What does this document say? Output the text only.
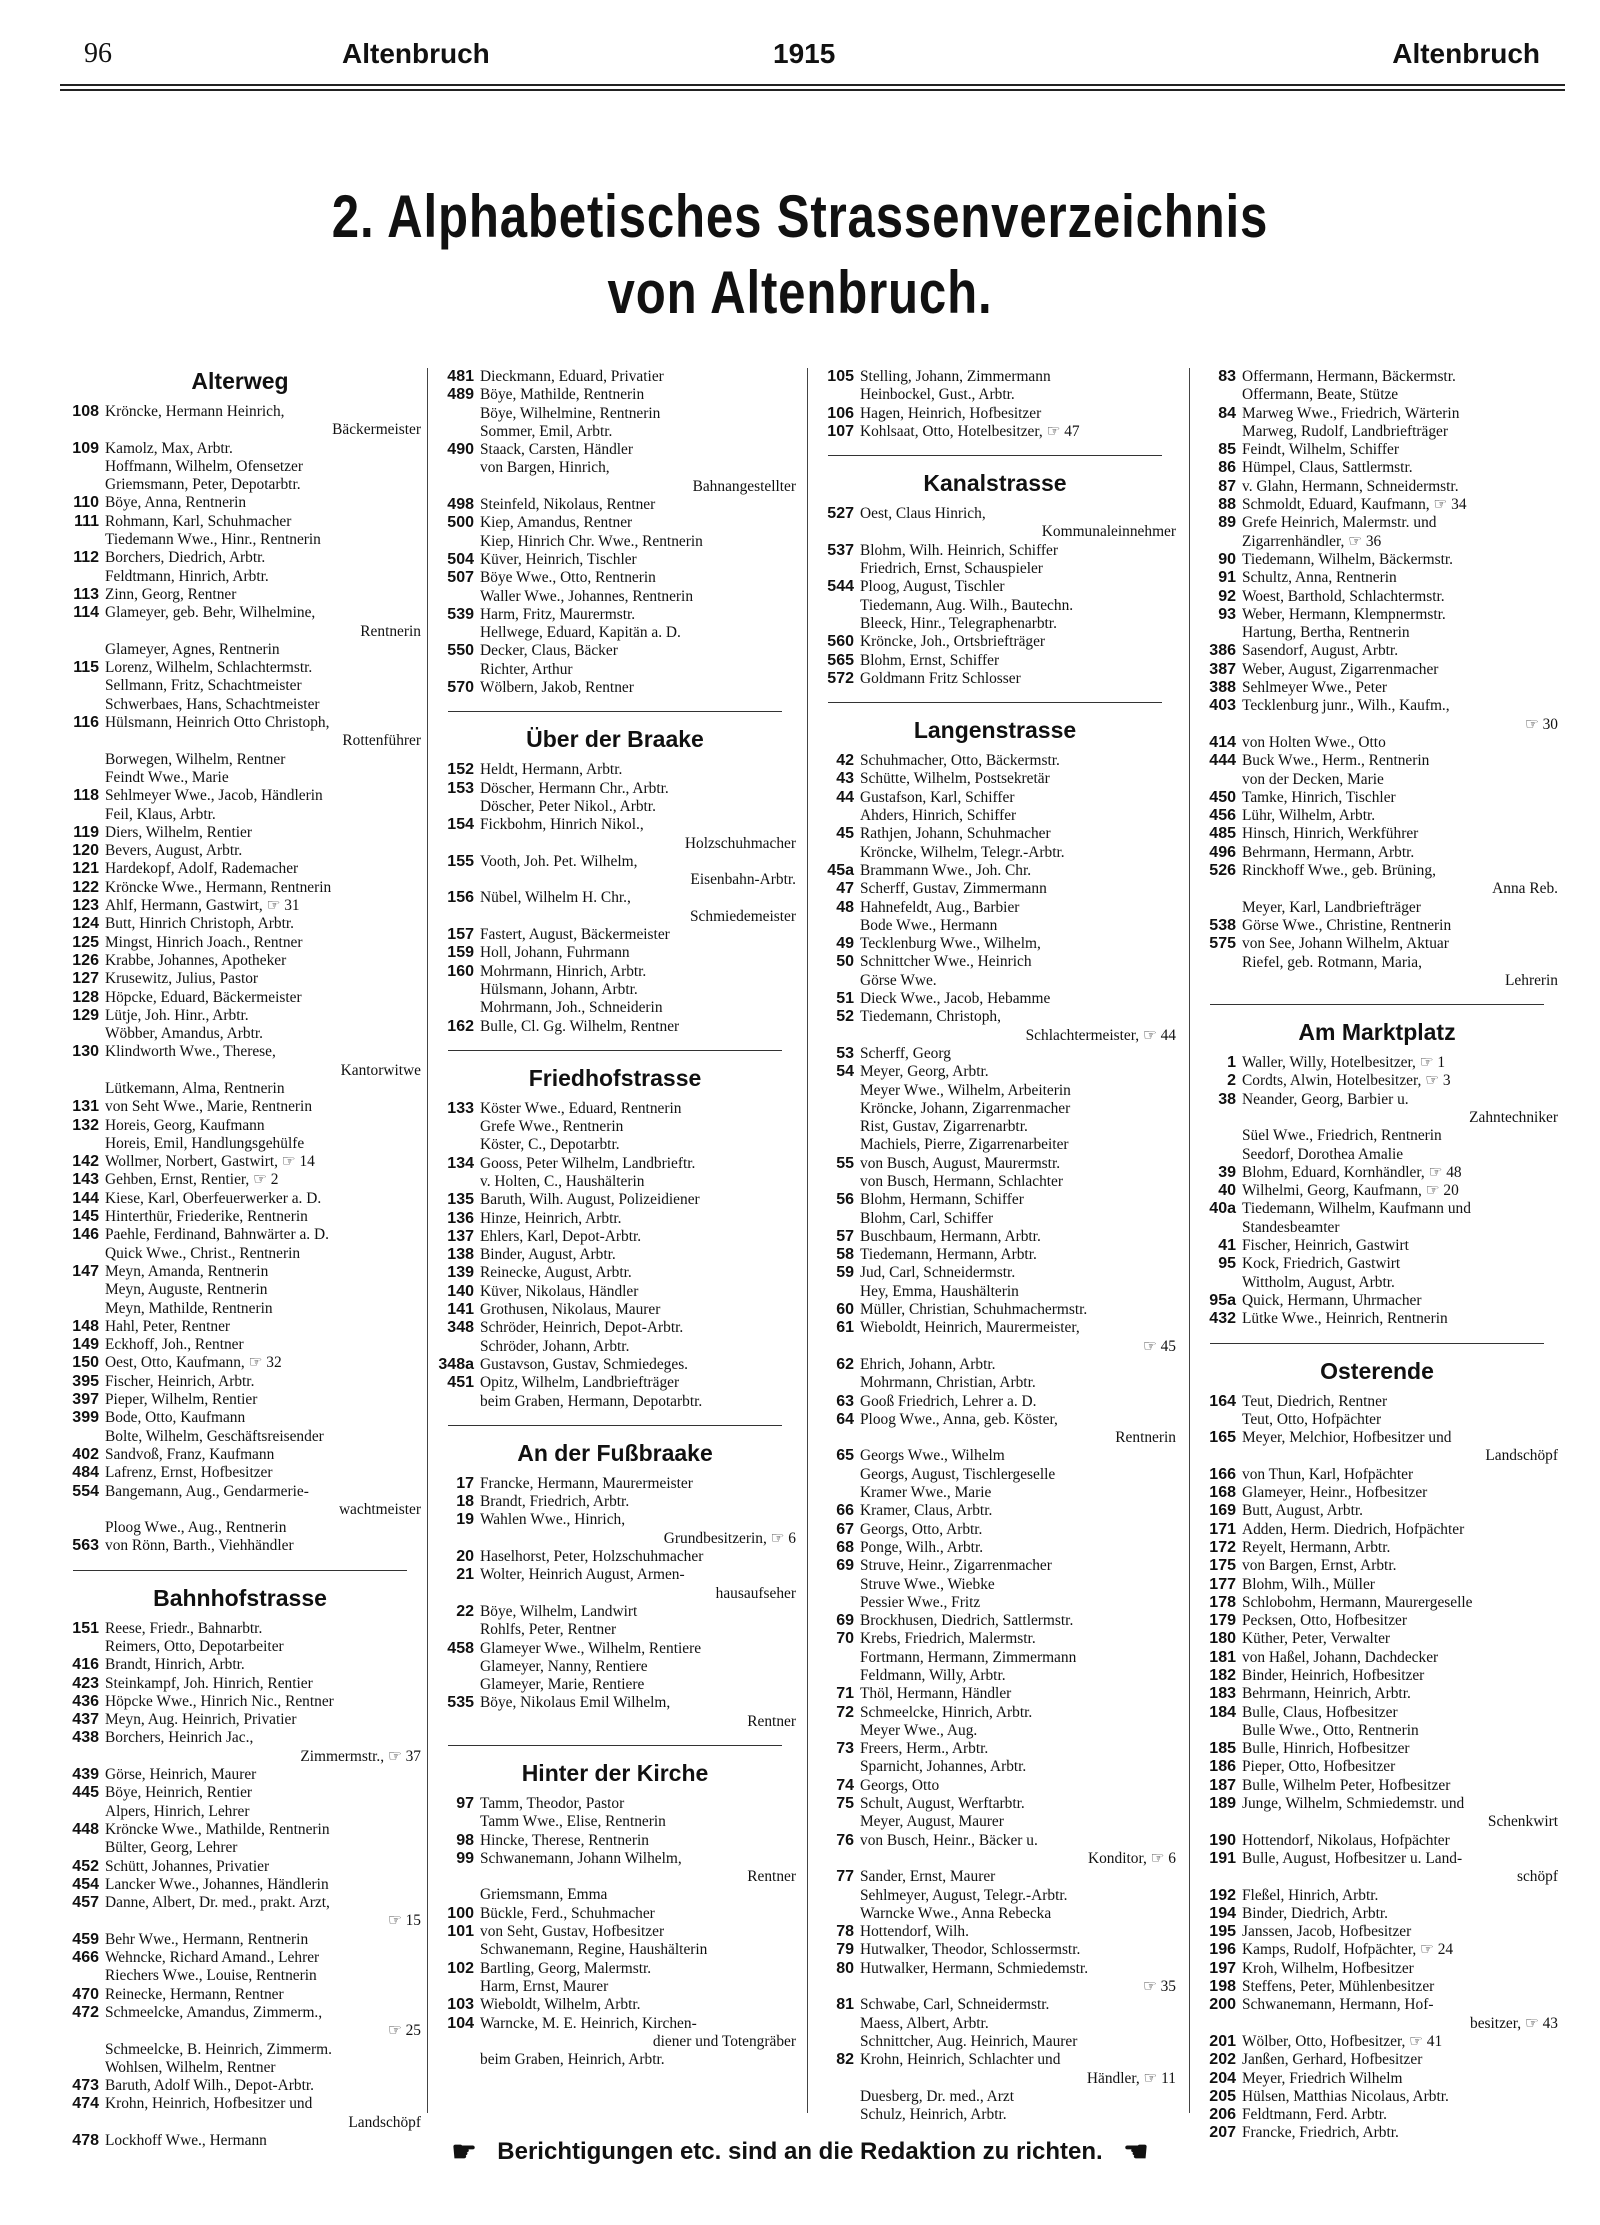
96	Altenbruch	1915	Altenbruch
2. Alphabetisches Strassenverzeichnis
von Altenbruch.
Alterweg
108 Kröncke, Hermann Heinrich,
Bäckermeister
109 Kamolz, Max, Arbtr.
Hoffmann, Wilhelm, Ofensetzer
Griemsmann, Peter, Depotarbtr.
110 Böye, Anna, Rentnerin
111 Rohmann, Karl, Schuhmacher
Tiedemann Wwe., Hinr., Rentnerin
112 Borchers, Diedrich, Arbtr.
Feldtmann, Hinrich, Arbtr.
113 Zinn, Georg, Rentner
114 Glameyer, geb. Behr, Wilhelmine,
Rentnerin
Glameyer, Agnes, Rentnerin
115 Lorenz, Wilhelm, Schlachtermstr.
Sellmann, Fritz, Schachtmeister
Schwerbaes, Hans, Schachtmeister
116 Hülsmann, Heinrich Otto Christoph,
Rottenführer
Borwegen, Wilhelm, Rentner
Feindt Wwe., Marie
118 Sehlmeyer Wwe., Jacob, Händlerin
Feil, Klaus, Arbtr.
119 Diers, Wilhelm, Rentier
120 Bevers, August, Arbtr.
121 Hardekopf, Adolf, Rademacher
122 Kröncke Wwe., Hermann, Rentnerin
123 Ahlf, Hermann, Gastwirt, ☞ 31
124 Butt, Hinrich Christoph, Arbtr.
125 Mingst, Hinrich Joach., Rentner
126 Krabbe, Johannes, Apotheker
127 Krusewitz, Julius, Pastor
128 Höpcke, Eduard, Bäckermeister
129 Lütje, Joh. Hinr., Arbtr.
Wöbber, Amandus, Arbtr.
130 Klindworth Wwe., Therese,
Kantorwitwe
Lütkemann, Alma, Rentnerin
131 von Seht Wwe., Marie, Rentnerin
132 Horeis, Georg, Kaufmann
Horeis, Emil, Handlungsgehülfe
142 Wollmer, Norbert, Gastwirt, ☞ 14
143 Gehben, Ernst, Rentier, ☞ 2
144 Kiese, Karl, Oberfeuerwerker a. D.
145 Hinterthür, Friederike, Rentnerin
146 Paehle, Ferdinand, Bahnwärter a. D.
Quick Wwe., Christ., Rentnerin
147 Meyn, Amanda, Rentnerin
Meyn, Auguste, Rentnerin
Meyn, Mathilde, Rentnerin
148 Hahl, Peter, Rentner
149 Eckhoff, Joh., Rentner
150 Oest, Otto, Kaufmann, ☞ 32
395 Fischer, Heinrich, Arbtr.
397 Pieper, Wilhelm, Rentier
399 Bode, Otto, Kaufmann
Bolte, Wilhelm, Geschäftsreisender
402 Sandvoß, Franz, Kaufmann
484 Lafrenz, Ernst, Hofbesitzer
554 Bangemann, Aug., Gendarmerie-
wachtmeister
Ploog Wwe., Aug., Rentnerin
563 von Rönn, Barth., Viehhändler
Bahnhofstrasse
151 Reese, Friedr., Bahnarbtr.
Reimers, Otto, Depotarbeiter
416 Brandt, Hinrich, Arbtr.
423 Steinkampf, Joh. Hinrich, Rentier
436 Höpcke Wwe., Hinrich Nic., Rentner
437 Meyn, Aug. Heinrich, Privatier
438 Borchers, Heinrich Jac.,
Zimmermstr., ☞ 37
439 Görse, Heinrich, Maurer
445 Böye, Heinrich, Rentier
Alpers, Hinrich, Lehrer
448 Kröncke Wwe., Mathilde, Rentnerin
Bülter, Georg, Lehrer
452 Schütt, Johannes, Privatier
454 Lancker Wwe., Johannes, Händlerin
457 Danne, Albert, Dr. med., prakt. Arzt,
☞ 15
459 Behr Wwe., Hermann, Rentnerin
466 Wehncke, Richard Amand., Lehrer
Riechers Wwe., Louise, Rentnerin
470 Reinecke, Hermann, Rentner
472 Schmeelcke, Amandus, Zimmerm.,
☞ 25
Schmeelcke, B. Heinrich, Zimmerm.
Wohlsen, Wilhelm, Rentner
473 Baruth, Adolf Wilh., Depot-Arbtr.
474 Krohn, Heinrich, Hofbesitzer und
Landschöpf
478 Lockhoff Wwe., Hermann
481 Dieckmann, Eduard, Privatier
489 Böye, Mathilde, Rentnerin
Böye, Wilhelmine, Rentnerin
Sommer, Emil, Arbtr.
490 Staack, Carsten, Händler
von Bargen, Hinrich,
Bahnangestellter
498 Steinfeld, Nikolaus, Rentner
500 Kiep, Amandus, Rentner
Kiep, Hinrich Chr. Wwe., Rentnerin
504 Küver, Heinrich, Tischler
507 Böye Wwe., Otto, Rentnerin
Waller Wwe., Johannes, Rentnerin
539 Harm, Fritz, Maurermstr.
Hellwege, Eduard, Kapitän a. D.
550 Decker, Claus, Bäcker
Richter, Arthur
570 Wölbern, Jakob, Rentner
Über der Braake
152 Heldt, Hermann, Arbtr.
153 Döscher, Hermann Chr., Arbtr.
Döscher, Peter Nikol., Arbtr.
154 Fickbohm, Hinrich Nikol.,
Holzschuhmacher
155 Vooth, Joh. Pet. Wilhelm,
Eisenbahn-Arbtr.
156 Nübel, Wilhelm H. Chr.,
Schmiedemeister
157 Fastert, August, Bäckermeister
159 Holl, Johann, Fuhrmann
160 Mohrmann, Hinrich, Arbtr.
Hülsmann, Johann, Arbtr.
Mohrmann, Joh., Schneiderin
162 Bulle, Cl. Gg. Wilhelm, Rentner
Friedhofstrasse
133 Köster Wwe., Eduard, Rentnerin
Grefe Wwe., Rentnerin
Köster, C., Depotarbtr.
134 Gooss, Peter Wilhelm, Landbrieftr.
v. Holten, C., Haushälterin
135 Baruth, Wilh. August, Polizeidiener
136 Hinze, Heinrich, Arbtr.
137 Ehlers, Karl, Depot-Arbtr.
138 Binder, August, Arbtr.
139 Reinecke, August, Arbtr.
140 Küver, Nikolaus, Händler
141 Grothusen, Nikolaus, Maurer
348 Schröder, Heinrich, Depot-Arbtr.
Schröder, Johann, Arbtr.
348a Gustavson, Gustav, Schmiedeges.
451 Opitz, Wilhelm, Landbriefträger
beim Graben, Hermann, Depotarbtr.
An der Fußbraake
17 Francke, Hermann, Maurermeister
18 Brandt, Friedrich, Arbtr.
19 Wahlen Wwe., Hinrich,
Grundbesitzerin, ☞ 6
20 Haselhorst, Peter, Holzschuhmacher
21 Wolter, Heinrich August, Armen-
hausaufseher
22 Böye, Wilhelm, Landwirt
Rohlfs, Peter, Rentner
458 Glameyer Wwe., Wilhelm, Rentiere
Glameyer, Nanny, Rentiere
Glameyer, Marie, Rentiere
535 Böye, Nikolaus Emil Wilhelm,
Rentner
Hinter der Kirche
97 Tamm, Theodor, Pastor
Tamm Wwe., Elise, Rentnerin
98 Hincke, Therese, Rentnerin
99 Schwanemann, Johann Wilhelm,
Rentner
Griemsmann, Emma
100 Bückle, Ferd., Schuhmacher
101 von Seht, Gustav, Hofbesitzer
Schwanemann, Regine, Haushälterin
102 Bartling, Georg, Malermstr.
Harm, Ernst, Maurer
103 Wieboldt, Wilhelm, Arbtr.
104 Warncke, M. E. Heinrich, Kirchen-
diener und Totengräber
beim Graben, Heinrich, Arbtr.
105 Stelling, Johann, Zimmermann
Heinbockel, Gust., Arbtr.
106 Hagen, Heinrich, Hofbesitzer
107 Kohlsaat, Otto, Hotelbesitzer, ☞ 47
Kanalstrasse
527 Oest, Claus Hinrich,
Kommunaleinnehmer
537 Blohm, Wilh. Heinrich, Schiffer
Friedrich, Ernst, Schauspieler
544 Ploog, August, Tischler
Tiedemann, Aug. Wilh., Bautechn.
Bleeck, Hinr., Telegraphenarbtr.
560 Kröncke, Joh., Ortsbriefträger
565 Blohm, Ernst, Schiffer
572 Goldmann Fritz Schlosser
Langenstrasse
42 Schuhmacher, Otto, Bäckermstr.
43 Schütte, Wilhelm, Postsekretär
44 Gustafson, Karl, Schiffer
Ahders, Hinrich, Schiffer
45 Rathjen, Johann, Schuhmacher
Kröncke, Wilhelm, Telegr.-Arbtr.
45a Brammann Wwe., Joh. Chr.
47 Scherff, Gustav, Zimmermann
48 Hahnefeldt, Aug., Barbier
Bode Wwe., Hermann
49 Tecklenburg Wwe., Wilhelm,
50 Schnittcher Wwe., Heinrich
Görse Wwe.
51 Dieck Wwe., Jacob, Hebamme
52 Tiedemann, Christoph,
Schlachtermeister, ☞ 44
53 Scherff, Georg
54 Meyer, Georg, Arbtr.
Meyer Wwe., Wilhelm, Arbeiterin
Kröncke, Johann, Zigarrenmacher
Rist, Gustav, Zigarrenarbtr.
Machiels, Pierre, Zigarrenarbeiter
55 von Busch, August, Maurermstr.
von Busch, Hermann, Schlachter
56 Blohm, Hermann, Schiffer
Blohm, Carl, Schiffer
57 Buschbaum, Hermann, Arbtr.
58 Tiedemann, Hermann, Arbtr.
59 Jud, Carl, Schneidermstr.
Hey, Emma, Haushälterin
60 Müller, Christian, Schuhmachermstr.
61 Wieboldt, Heinrich, Maurermeister,
☞ 45
62 Ehrich, Johann, Arbtr.
Mohrmann, Christian, Arbtr.
63 Gooß Friedrich, Lehrer a. D.
64 Ploog Wwe., Anna, geb. Köster,
Rentnerin
65 Georgs Wwe., Wilhelm
Georgs, August, Tischlergeselle
Kramer Wwe., Marie
66 Kramer, Claus, Arbtr.
67 Georgs, Otto, Arbtr.
68 Ponge, Wilh., Arbtr.
69 Struve, Heinr., Zigarrenmacher
Struve Wwe., Wiebke
Pessier Wwe., Fritz
69 Brockhusen, Diedrich, Sattlermstr.
70 Krebs, Friedrich, Malermstr.
Fortmann, Hermann, Zimmermann
Feldmann, Willy, Arbtr.
71 Thöl, Hermann, Händler
72 Schmeelcke, Hinrich, Arbtr.
Meyer Wwe., Aug.
73 Freers, Herm., Arbtr.
Sparnicht, Johannes, Arbtr.
74 Georgs, Otto
75 Schult, August, Werftarbtr.
Meyer, August, Maurer
76 von Busch, Heinr., Bäcker u.
Konditor, ☞ 6
77 Sander, Ernst, Maurer
Sehlmeyer, August, Telegr.-Arbtr.
Warncke Wwe., Anna Rebecka
78 Hottendorf, Wilh.
79 Hutwalker, Theodor, Schlossermstr.
80 Hutwalker, Hermann, Schmiedemstr.
☞ 35
81 Schwabe, Carl, Schneidermstr.
Maess, Albert, Arbtr.
Schnittcher, Aug. Heinrich, Maurer
82 Krohn, Heinrich, Schlachter und
Händler, ☞ 11
Duesberg, Dr. med., Arzt
Schulz, Heinrich, Arbtr.
83 Offermann, Hermann, Bäckermstr.
Offermann, Beate, Stütze
84 Marweg Wwe., Friedrich, Wärterin
Marweg, Rudolf, Landbriefträger
85 Feindt, Wilhelm, Schiffer
86 Hümpel, Claus, Sattlermstr.
87 v. Glahn, Hermann, Schneidermstr.
88 Schmoldt, Eduard, Kaufmann, ☞ 34
89 Grefe Heinrich, Malermstr. und
Zigarrenhändler, ☞ 36
90 Tiedemann, Wilhelm, Bäckermstr.
91 Schultz, Anna, Rentnerin
92 Woest, Barthold, Schlachtermstr.
93 Weber, Hermann, Klempnermstr.
Hartung, Bertha, Rentnerin
386 Sasendorf, August, Arbtr.
387 Weber, August, Zigarrenmacher
388 Sehlmeyer Wwe., Peter
403 Tecklenburg junr., Wilh., Kaufm.,
☞ 30
414 von Holten Wwe., Otto
444 Buck Wwe., Herm., Rentnerin
von der Decken, Marie
450 Tamke, Hinrich, Tischler
456 Lühr, Wilhelm, Arbtr.
485 Hinsch, Hinrich, Werkführer
496 Behrmann, Hermann, Arbtr.
526 Rinckhoff Wwe., geb. Brüning,
Anna Reb.
Meyer, Karl, Landbriefträger
538 Görse Wwe., Christine, Rentnerin
575 von See, Johann Wilhelm, Aktuar
Riefel, geb. Rotmann, Maria,
Lehrerin
Am Marktplatz
1 Waller, Willy, Hotelbesitzer, ☞ 1
2 Cordts, Alwin, Hotelbesitzer, ☞ 3
38 Neander, Georg, Barbier u.
Zahntechniker
Süel Wwe., Friedrich, Rentnerin
Seedorf, Dorothea Amalie
39 Blohm, Eduard, Kornhändler, ☞ 48
40 Wilhelmi, Georg, Kaufmann, ☞ 20
40a Tiedemann, Wilhelm, Kaufmann und
Standesbeamter
41 Fischer, Heinrich, Gastwirt
95 Kock, Friedrich, Gastwirt
Wittholm, August, Arbtr.
95a Quick, Hermann, Uhrmacher
432 Lütke Wwe., Heinrich, Rentnerin
Osterende
164 Teut, Diedrich, Rentner
Teut, Otto, Hofpächter
165 Meyer, Melchior, Hofbesitzer und
Landschöpf
166 von Thun, Karl, Hofpächter
168 Glameyer, Heinr., Hofbesitzer
169 Butt, August, Arbtr.
171 Adden, Herm. Diedrich, Hofpächter
172 Reyelt, Hermann, Arbtr.
175 von Bargen, Ernst, Arbtr.
177 Blohm, Wilh., Müller
178 Schlobohm, Hermann, Maurergeselle
179 Pecksen, Otto, Hofbesitzer
180 Küther, Peter, Verwalter
181 von Haßel, Johann, Dachdecker
182 Binder, Heinrich, Hofbesitzer
183 Behrmann, Heinrich, Arbtr.
184 Bulle, Claus, Hofbesitzer
Bulle Wwe., Otto, Rentnerin
185 Bulle, Hinrich, Hofbesitzer
186 Pieper, Otto, Hofbesitzer
187 Bulle, Wilhelm Peter, Hofbesitzer
189 Junge, Wilhelm, Schmiedemstr. und
Schenkwirt
190 Hottendorf, Nikolaus, Hofpächter
191 Bulle, August, Hofbesitzer u. Land-
schöpf
192 Fleßel, Hinrich, Arbtr.
194 Binder, Diedrich, Arbtr.
195 Janssen, Jacob, Hofbesitzer
196 Kamps, Rudolf, Hofpächter, ☞ 24
197 Kroh, Wilhelm, Hofbesitzer
198 Steffens, Peter, Mühlenbesitzer
200 Schwanemann, Hermann, Hof-
besitzer, ☞ 43
201 Wölber, Otto, Hofbesitzer, ☞ 41
202 Janßen, Gerhard, Hofbesitzer
204 Meyer, Friedrich Wilhelm
205 Hülsen, Matthias Nicolaus, Arbtr.
206 Feldtmann, Ferd. Arbtr.
207 Francke, Friedrich, Arbtr.
☛ Berichtigungen etc. sind an die Redaktion zu richten. ☚
